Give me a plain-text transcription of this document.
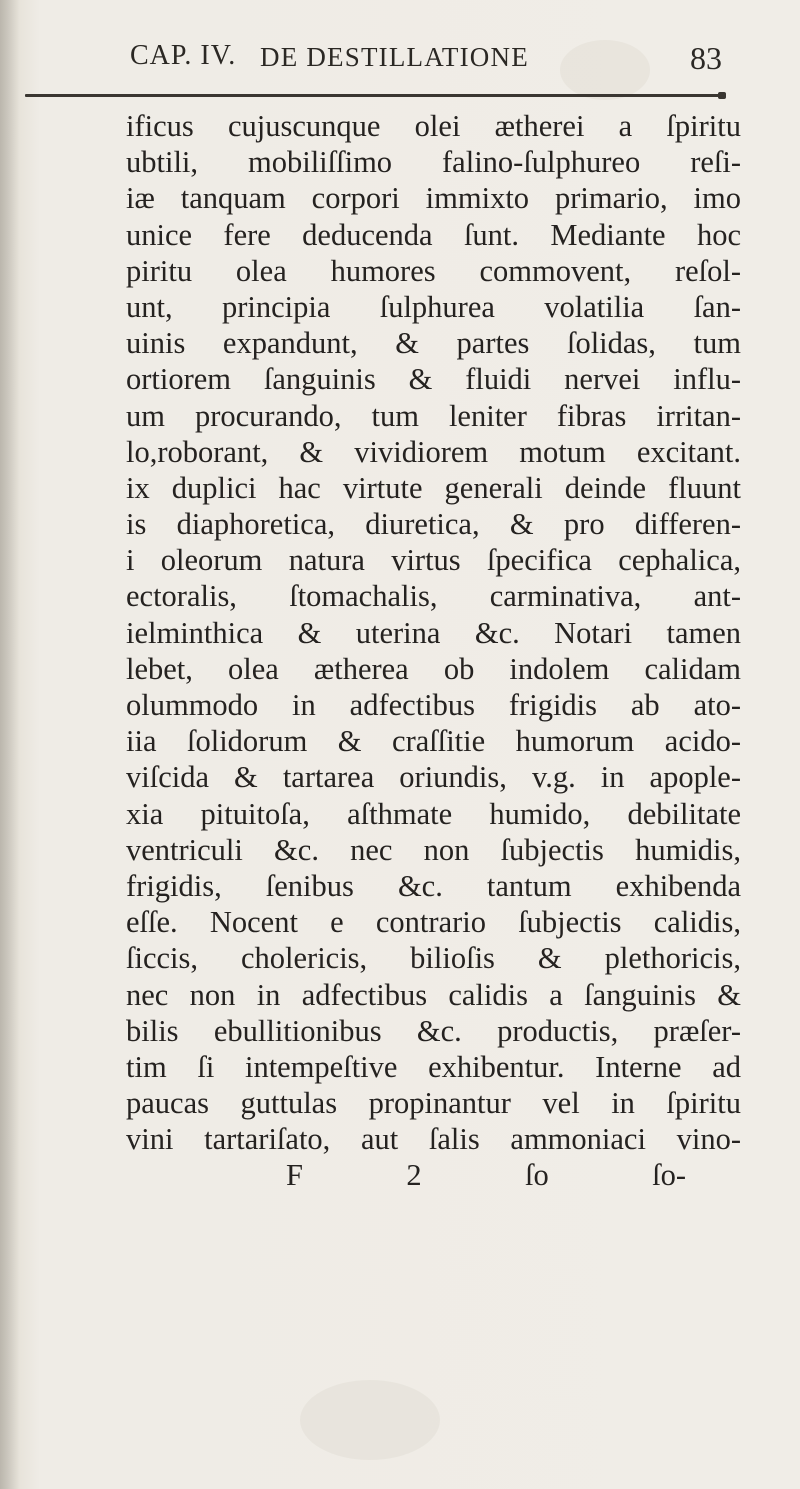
CAP. IV. DE DESTILLATIONE	83
ificus cujuscunque olei ætherei a ſpiritu
ubtili, mobiliſſimo falino-ſulphureo reſi-
iæ tanquam corpori immixto primario, imo
unice fere deducenda ſunt. Mediante hoc
piritu olea humores commovent, reſol-
unt, principia ſulphurea volatilia ſan-
uinis expandunt, & partes ſolidas, tum
ortiorem ſanguinis & fluidi nervei influ-
um procurando, tum leniter fibras irritan-
lo,roborant, & vividiorem motum excitant.
ix duplici hac virtute generali deinde fluunt
is diaphoretica, diuretica, & pro differen-
i oleorum natura virtus ſpecifica cephalica,
ectoralis, ſtomachalis, carminativa, ant-
ielminthica & uterina &c. Notari tamen
lebet, olea ætherea ob indolem calidam
olummodo in adfectibus frigidis ab ato-
iia ſolidorum & craſſitie humorum acido-
viſcida & tartarea oriundis, v.g. in apople-
xia pituitoſa, aſthmate humido, debilitate
ventriculi &c. nec non ſubjectis humidis,
frigidis, ſenibus &c. tantum exhibenda
eſſe. Nocent e contrario ſubjectis calidis,
ſiccis, cholericis, bilioſis & plethoricis,
nec non in adfectibus calidis a ſanguinis &
bilis ebullitionibus &c. productis, præſer-
tim ſi intempeſtive exhibentur. Interne ad
paucas guttulas propinantur vel in ſpiritu
vini tartariſato, aut ſalis ammoniaci vino-
F 2	ſo ſo-
